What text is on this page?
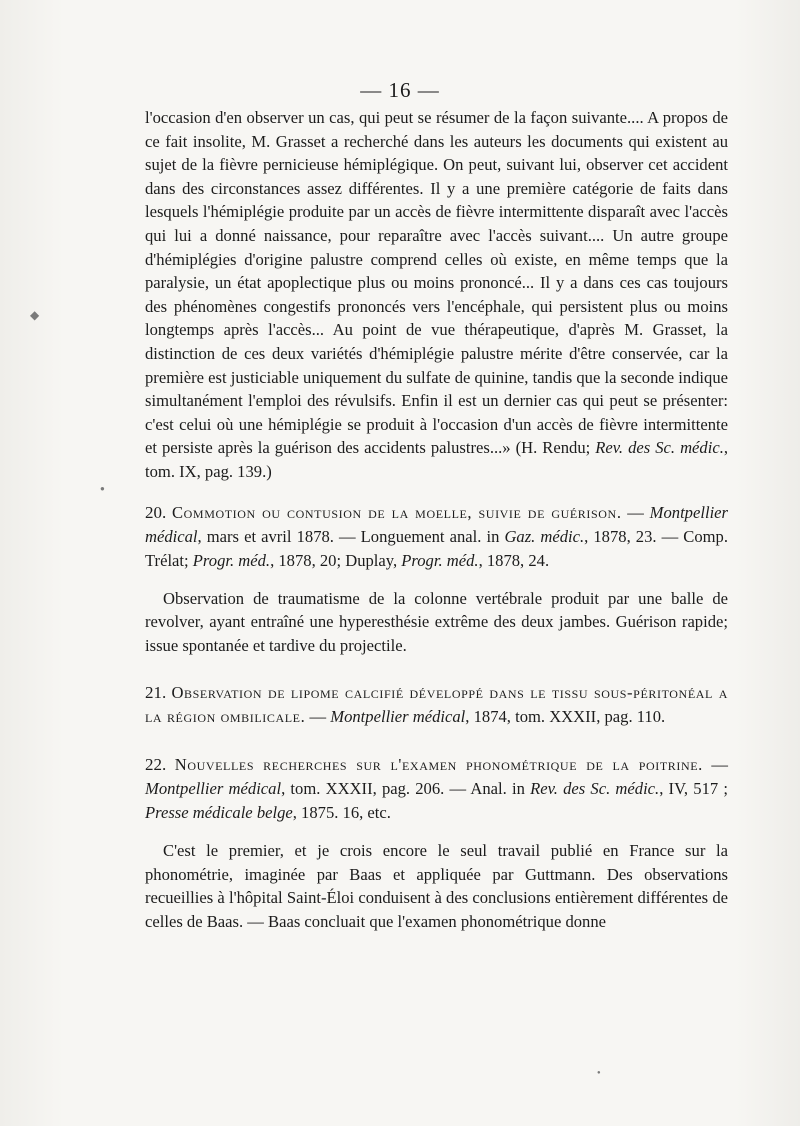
— 16 —

l'occasion d'en observer un cas, qui peut se résumer de la façon suivante.... A propos de ce fait insolite, M. Grasset a recherché dans les auteurs les documents qui existent au sujet de la fièvre pernicieuse hémiplégique. On peut, suivant lui, observer cet accident dans des circonstances assez différentes. Il y a une première catégorie de faits dans lesquels l'hémiplégie produite par un accès de fièvre intermittente disparaît avec l'accès qui lui a donné naissance, pour reparaître avec l'accès suivant.... Un autre groupe d'hémiplégies d'origine palustre comprend celles où existe, en même temps que la paralysie, un état apoplectique plus ou moins prononcé... Il y a dans ces cas toujours des phénomènes congestifs prononcés vers l'encéphale, qui persistent plus ou moins longtemps après l'accès... Au point de vue thérapeutique, d'après M. Grasset, la distinction de ces deux variétés d'hémiplégie palustre mérite d'être conservée, car la première est justiciable uniquement du sulfate de quinine, tandis que la seconde indique simultanément l'emploi des révulsifs. Enfin il est un dernier cas qui peut se présenter: c'est celui où une hémiplégie se produit à l'occasion d'un accès de fièvre intermittente et persiste après la guérison des accidents palustres...» (H. Rendu; Rev. des Sc. médic., tom. IX, pag. 139.)

20. Commotion ou contusion de la moelle, suivie de guérison. — Montpellier médical, mars et avril 1878. — Longuement anal. in Gaz. médic., 1878, 23. — Comp. Trélat; Progr. méd., 1878, 20; Duplay, Progr. méd., 1878, 24.

Observation de traumatisme de la colonne vertébrale produit par une balle de revolver, ayant entraîné une hyperesthésie extrême des deux jambes. Guérison rapide; issue spontanée et tardive du projectile.

21. Observation de lipome calcifié développé dans le tissu sous-péritonéal a la région ombilicale. — Montpellier médical, 1874, tom. XXXII, pag. 110.

22. Nouvelles recherches sur l'examen phonométrique de la poitrine. — Montpellier médical, tom. XXXII, pag. 206. — Anal. in Rev. des Sc. médic., IV, 517 ; Presse médicale belge, 1875. 16, etc.

C'est le premier, et je crois encore le seul travail publié en France sur la phonométrie, imaginée par Baas et appliquée par Guttmann. Des observations recueillies à l'hôpital Saint-Éloi conduisent à des conclusions entièrement différentes de celles de Baas. — Baas concluait que l'examen phonométrique donne

◆
●
●
